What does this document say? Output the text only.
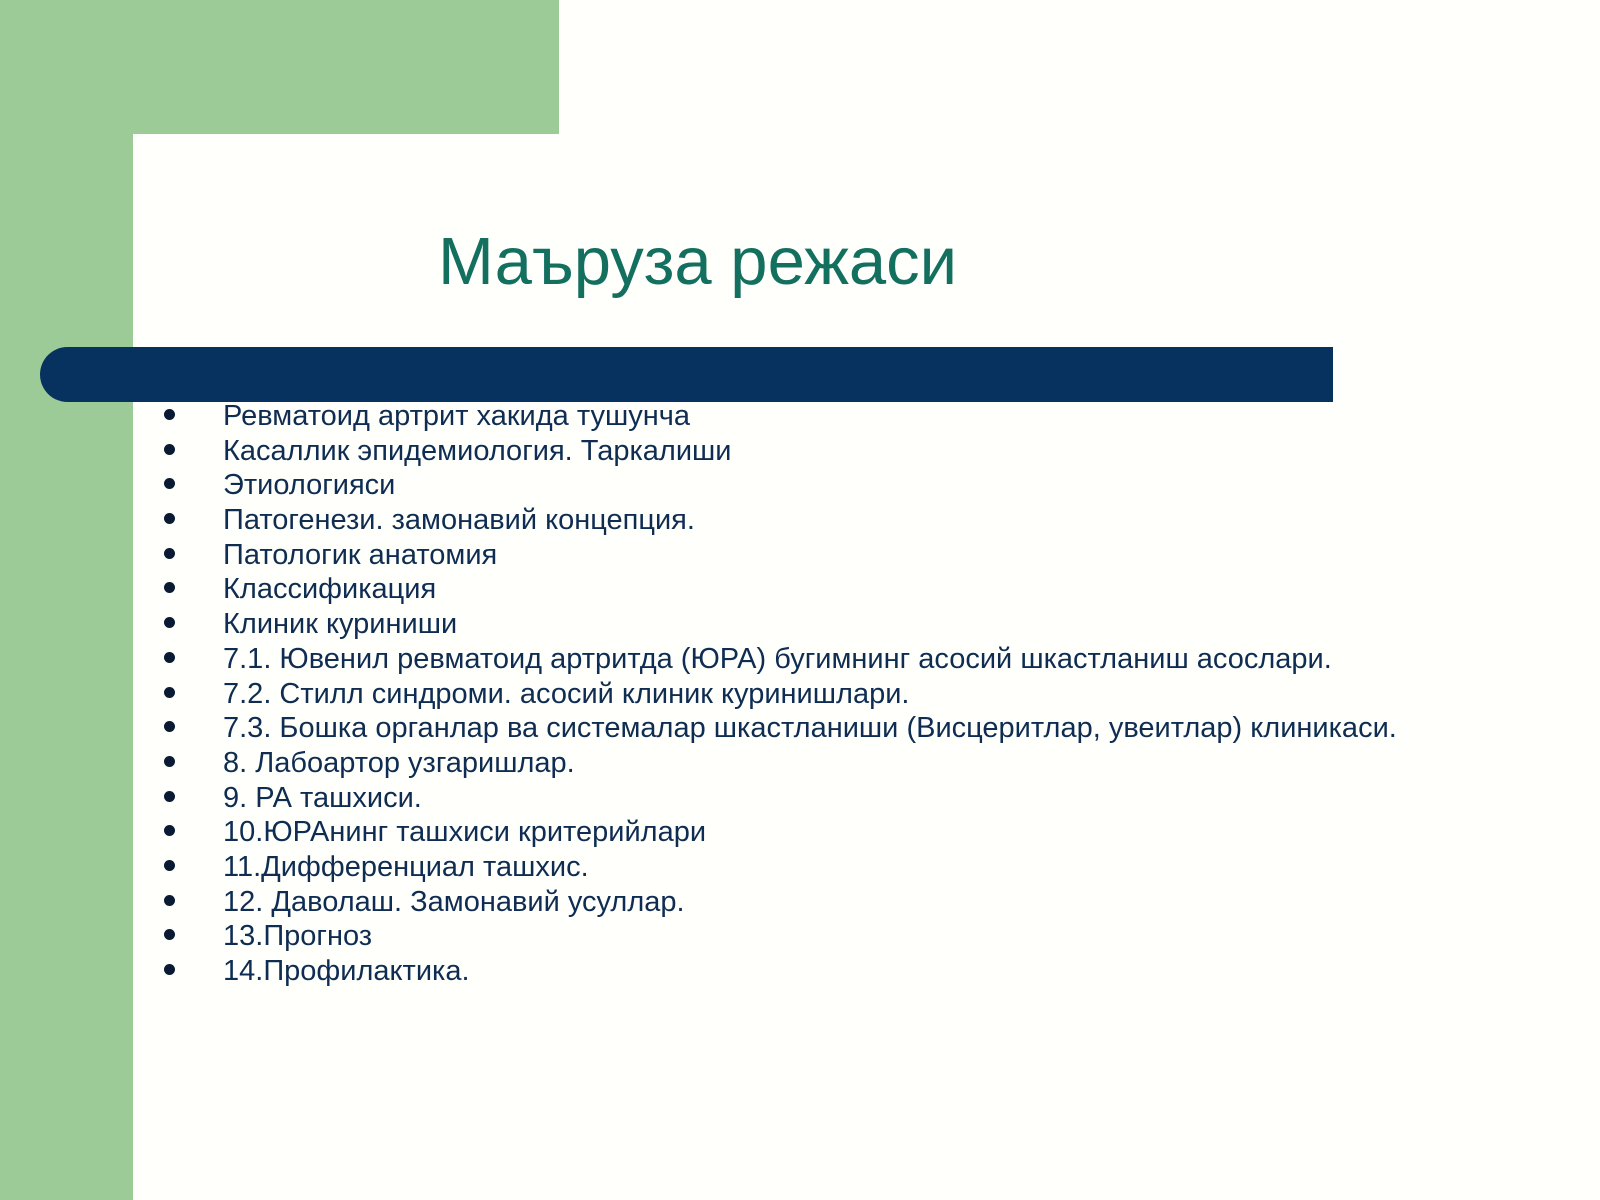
Маърузa режаси
Ревматоид артрит хакида тушунча
Касаллик эпидемиология. Таркалиши
Этиологияси
Патогенези. замонавий концепция.
Патологик анатомия
Классификация
Клиник куриниши
7.1. Ювенил ревматоид артритда (ЮРА) бугимнинг асосий шкастланиш асослари.
7.2. Стилл синдроми. асосий клиник куринишлари.
7.3. Бошка органлар ва системалар шкастланиши (Висцеритлар, увеитлар) клиникаси.
8. Лабоартор узгаришлар.
9. РА ташхиси.
10.ЮРАнинг ташхиси критерийлари
11.Дифференциал ташхис.
12. Даволаш. Замонавий усуллар.
13.Прогноз
14.Профилактика.
